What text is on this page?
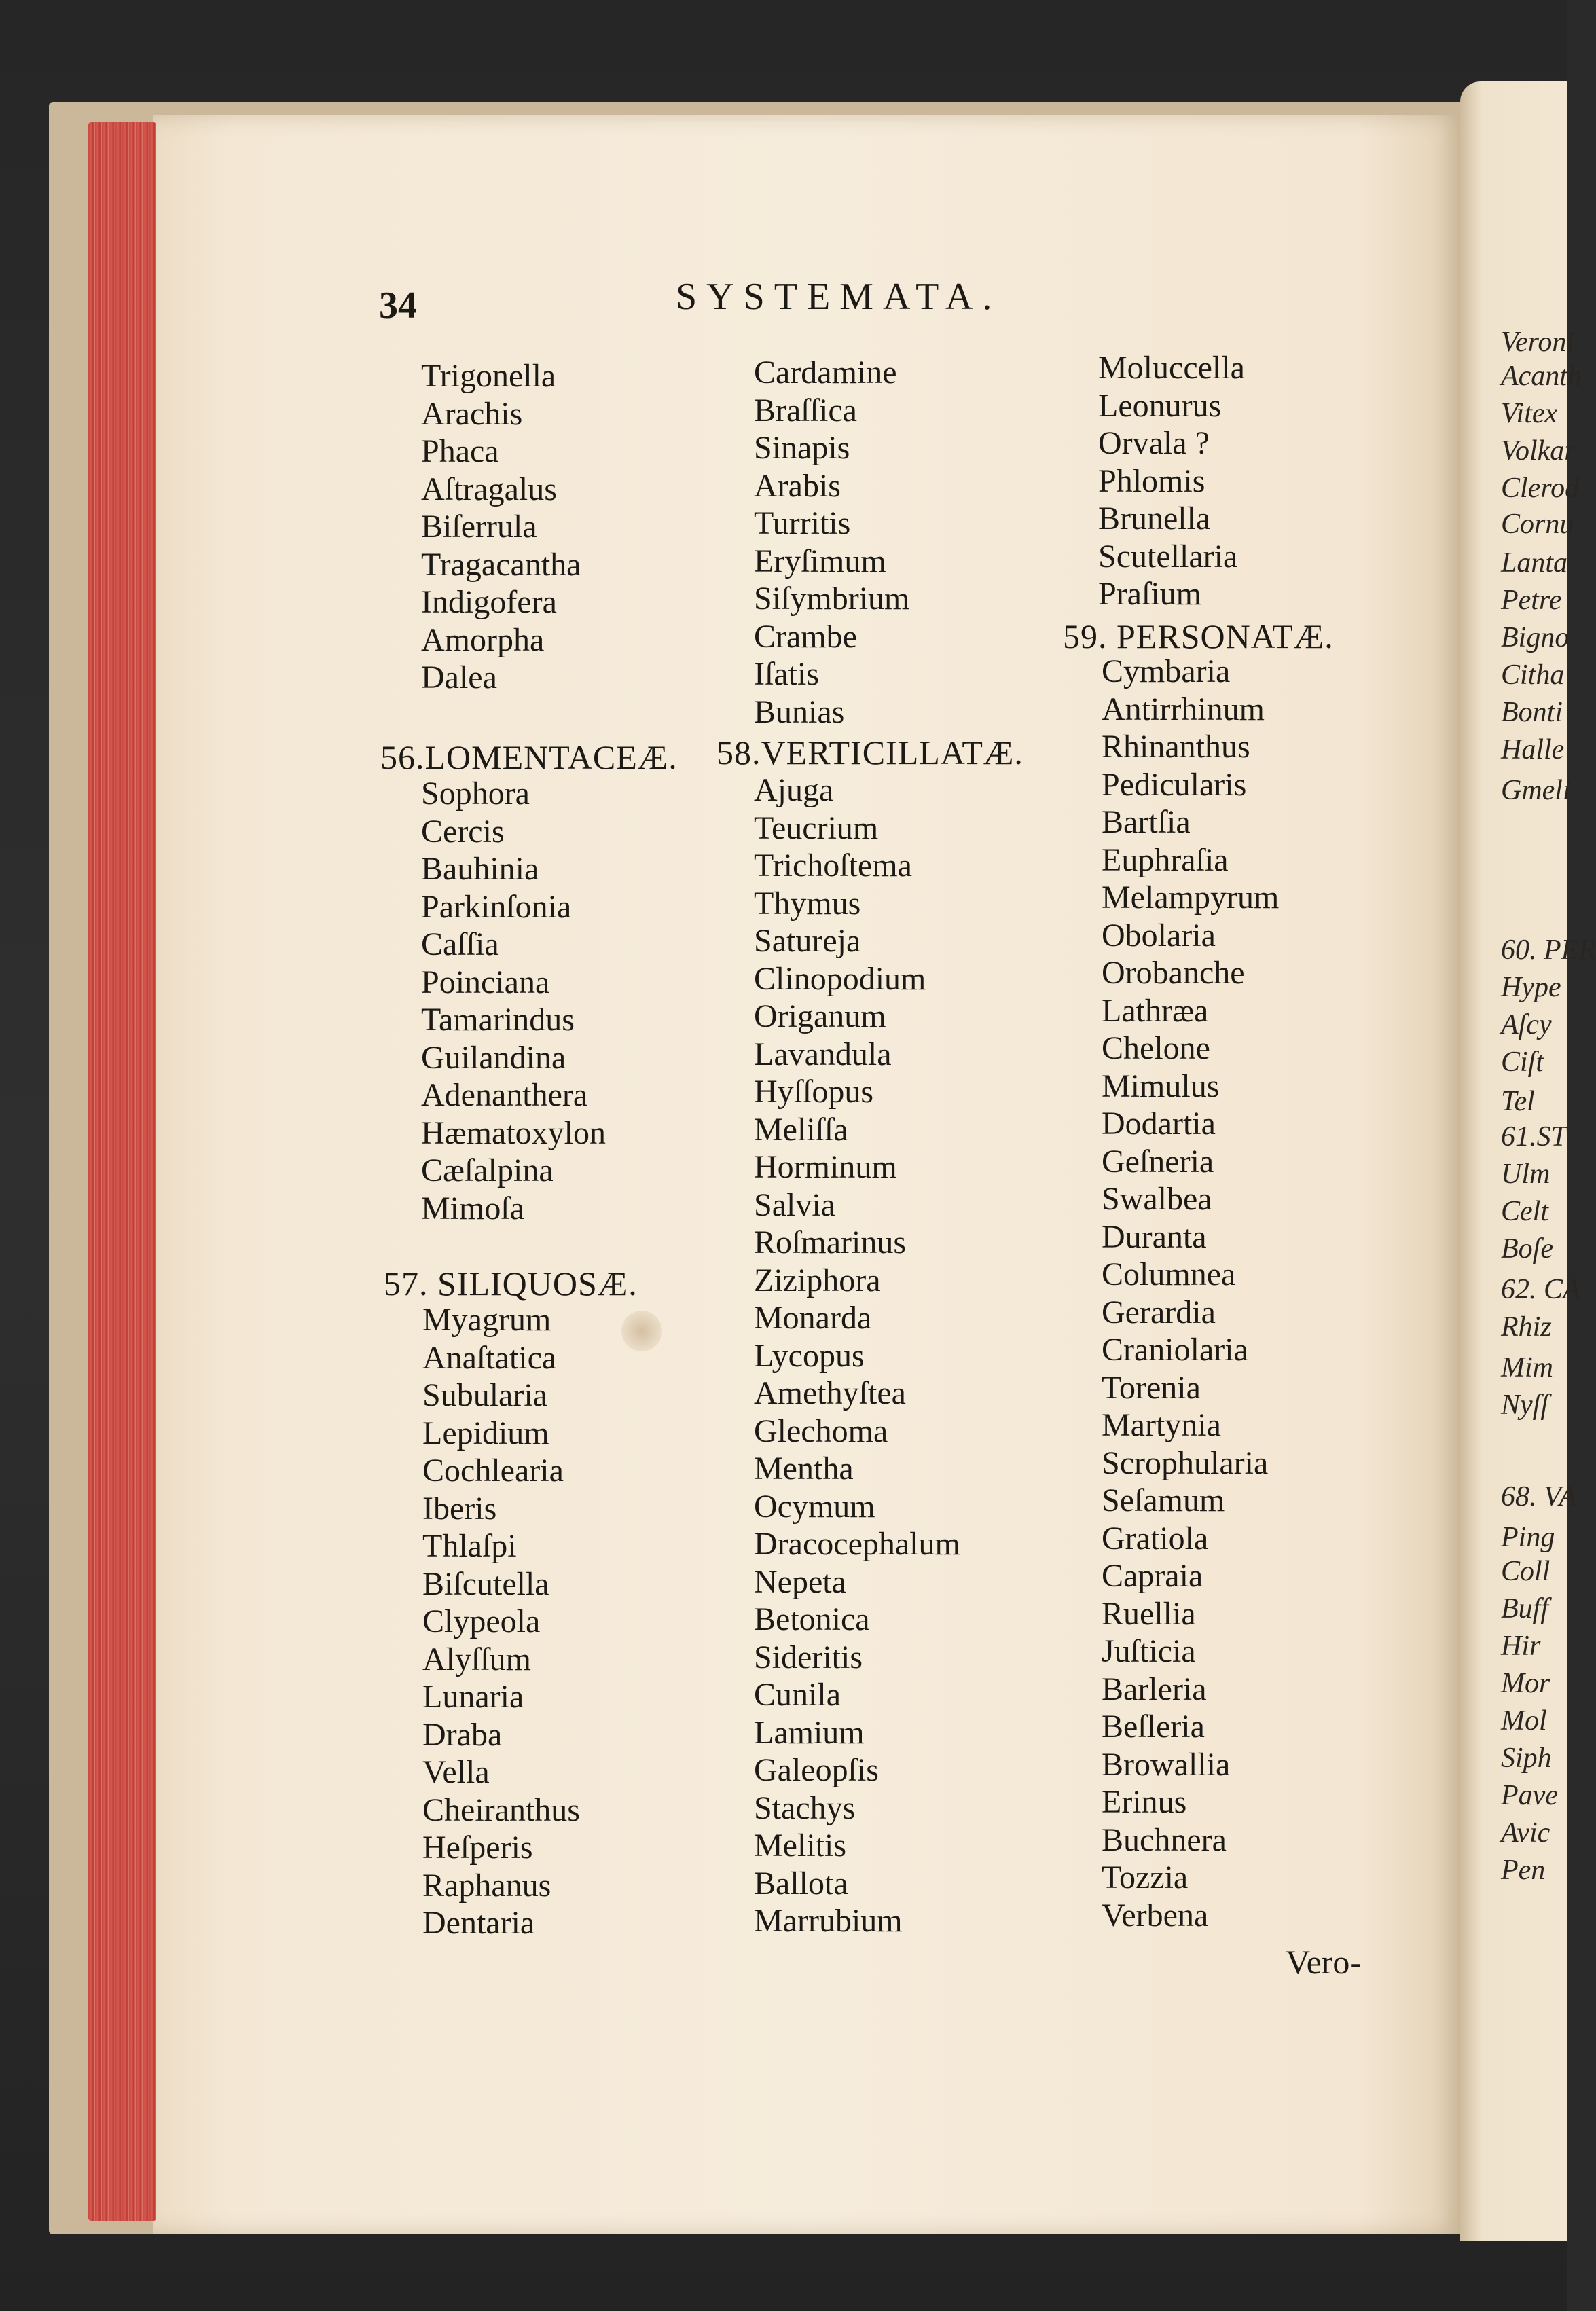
34	SYSTEMATA.
Vero-
Trigonella
Arachis
Phaca
Aſtragalus
Biſerrula
Tragacantha
Indigofera
Amorpha
Dalea
56.LOMENTACEÆ.
Sophora
Cercis
Bauhinia
Parkinſonia
Caſſia
Poinciana
Tamarindus
Guilandina
Adenanthera
Hæmatoxylon
Cæſalpina
Mimoſa
57. SILIQUOSÆ.
Myagrum
Anaſtatica
Subularia
Lepidium
Cochlearia
Iberis
Thlaſpi
Biſcutella
Clypeola
Alyſſum
Lunaria
Draba
Vella
Cheiranthus
Heſperis
Raphanus
Dentaria
Cardamine
Braſſica
Sinapis
Arabis
Turritis
Eryſimum
Siſymbrium
Crambe
Iſatis
Bunias
58.VERTICILLATÆ.
Ajuga
Teucrium
Trichoſtema
Thymus
Satureja
Clinopodium
Origanum
Lavandula
Hyſſopus
Meliſſa
Horminum
Salvia
Roſmarinus
Ziziphora
Monarda
Lycopus
Amethyſtea
Glechoma
Mentha
Ocymum
Dracocephalum
Nepeta
Betonica
Sideritis
Cunila
Lamium
Galeopſis
Stachys
Melitis
Ballota
Marrubium
Moluccella
Leonurus
Orvala ?
Phlomis
Brunella
Scutellaria
Praſium
59. PERSONATÆ.
Cymbaria
Antirrhinum
Rhinanthus
Pedicularis
Bartſia
Euphraſia
Melampyrum
Obolaria
Orobanche
Lathræa
Chelone
Mimulus
Dodartia
Geſneria
Swalbea
Duranta
Columnea
Gerardia
Craniolaria
Torenia
Martynia
Scrophularia
Seſamum
Gratiola
Capraia
Ruellia
Juſticia
Barleria
Beſleria
Browallia
Erinus
Buchnera
Tozzia
Verbena
Veroni
Acanth
Vitex
Volkar
Clerod
Cornu
Lanta
Petre
Bigno
Citha
Bonti
Halle
Gmeli
60. PER
Hype
Aſcy
Ciſt
Tel
61.ST
Ulm
Celt
Boſe
62. CA
Rhiz
Mim
Nyſſ
68. VA
Ping
Coll
Buff
Hir
Mor
Mol
Siph
Pave
Avic
Pen
